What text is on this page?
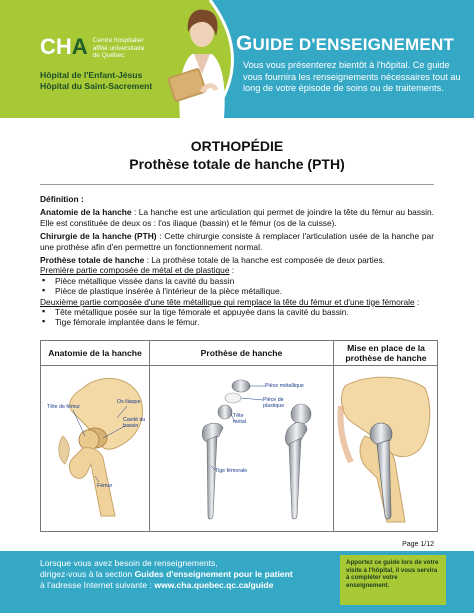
CHA Centre hospitalier
affilié universitaire
de Québec
Hôpital de l'Enfant-Jésus
Hôpital du Saint-Sacrement
GUIDE D'ENSEIGNEMENT
Vous vous présenterez bientôt à l'hôpital. Ce guide vous fournira les renseignements nécessaires tout au long de votre épisode de soins ou de traitements.
ORTHOPÉDIE
Prothèse totale de hanche (PTH)

Définition :

Anatomie de la hanche : La hanche est une articulation qui permet de joindre la tête du fémur au bassin. Elle est constituée de deux os : l'os iliaque (bassin) et le fémur (os de la cuisse).

Chirurgie de la hanche (PTH) : Cette chirurgie consiste à remplacer l'articulation usée de la hanche par une prothèse afin d'en permettre un fonctionnement normal.

Prothèse totale de hanche : La prothèse totale de la hanche est composée de deux parties.

Première partie composée de métal et de plastique :

▪ Pièce métallique vissée dans la cavité du bassin
▪ Pièce de plastique insérée à l'intérieur de la pièce métallique.

Deuxième partie composée d'une tête métallique qui remplace la tête du fémur et d'une tige fémorale :

▪ Tête métallique posée sur la tige fémorale et appuyée dans la cavité du bassin.
▪ Tige fémorale implantée dans le fémur.
Anatomie de la hanche	Prothèse de hanche	Mise en place de la prothèse de hanche
Tête de fémur
Os iliaque
Cavité du bassin
Fémur
Pièce métallique
Pièce de plastique
Tête métal
Tige fémorale
Page 1/12
Lorsque vous avez besoin de renseignements,
dirigez-vous à la section Guides d'enseignement pour le patient
à l'adresse Internet suivante : www.cha.quebec.qc.ca/guide
Apportez ce guide lors de votre visite à l'hôpital, il vous servira à compléter votre enseignement.
